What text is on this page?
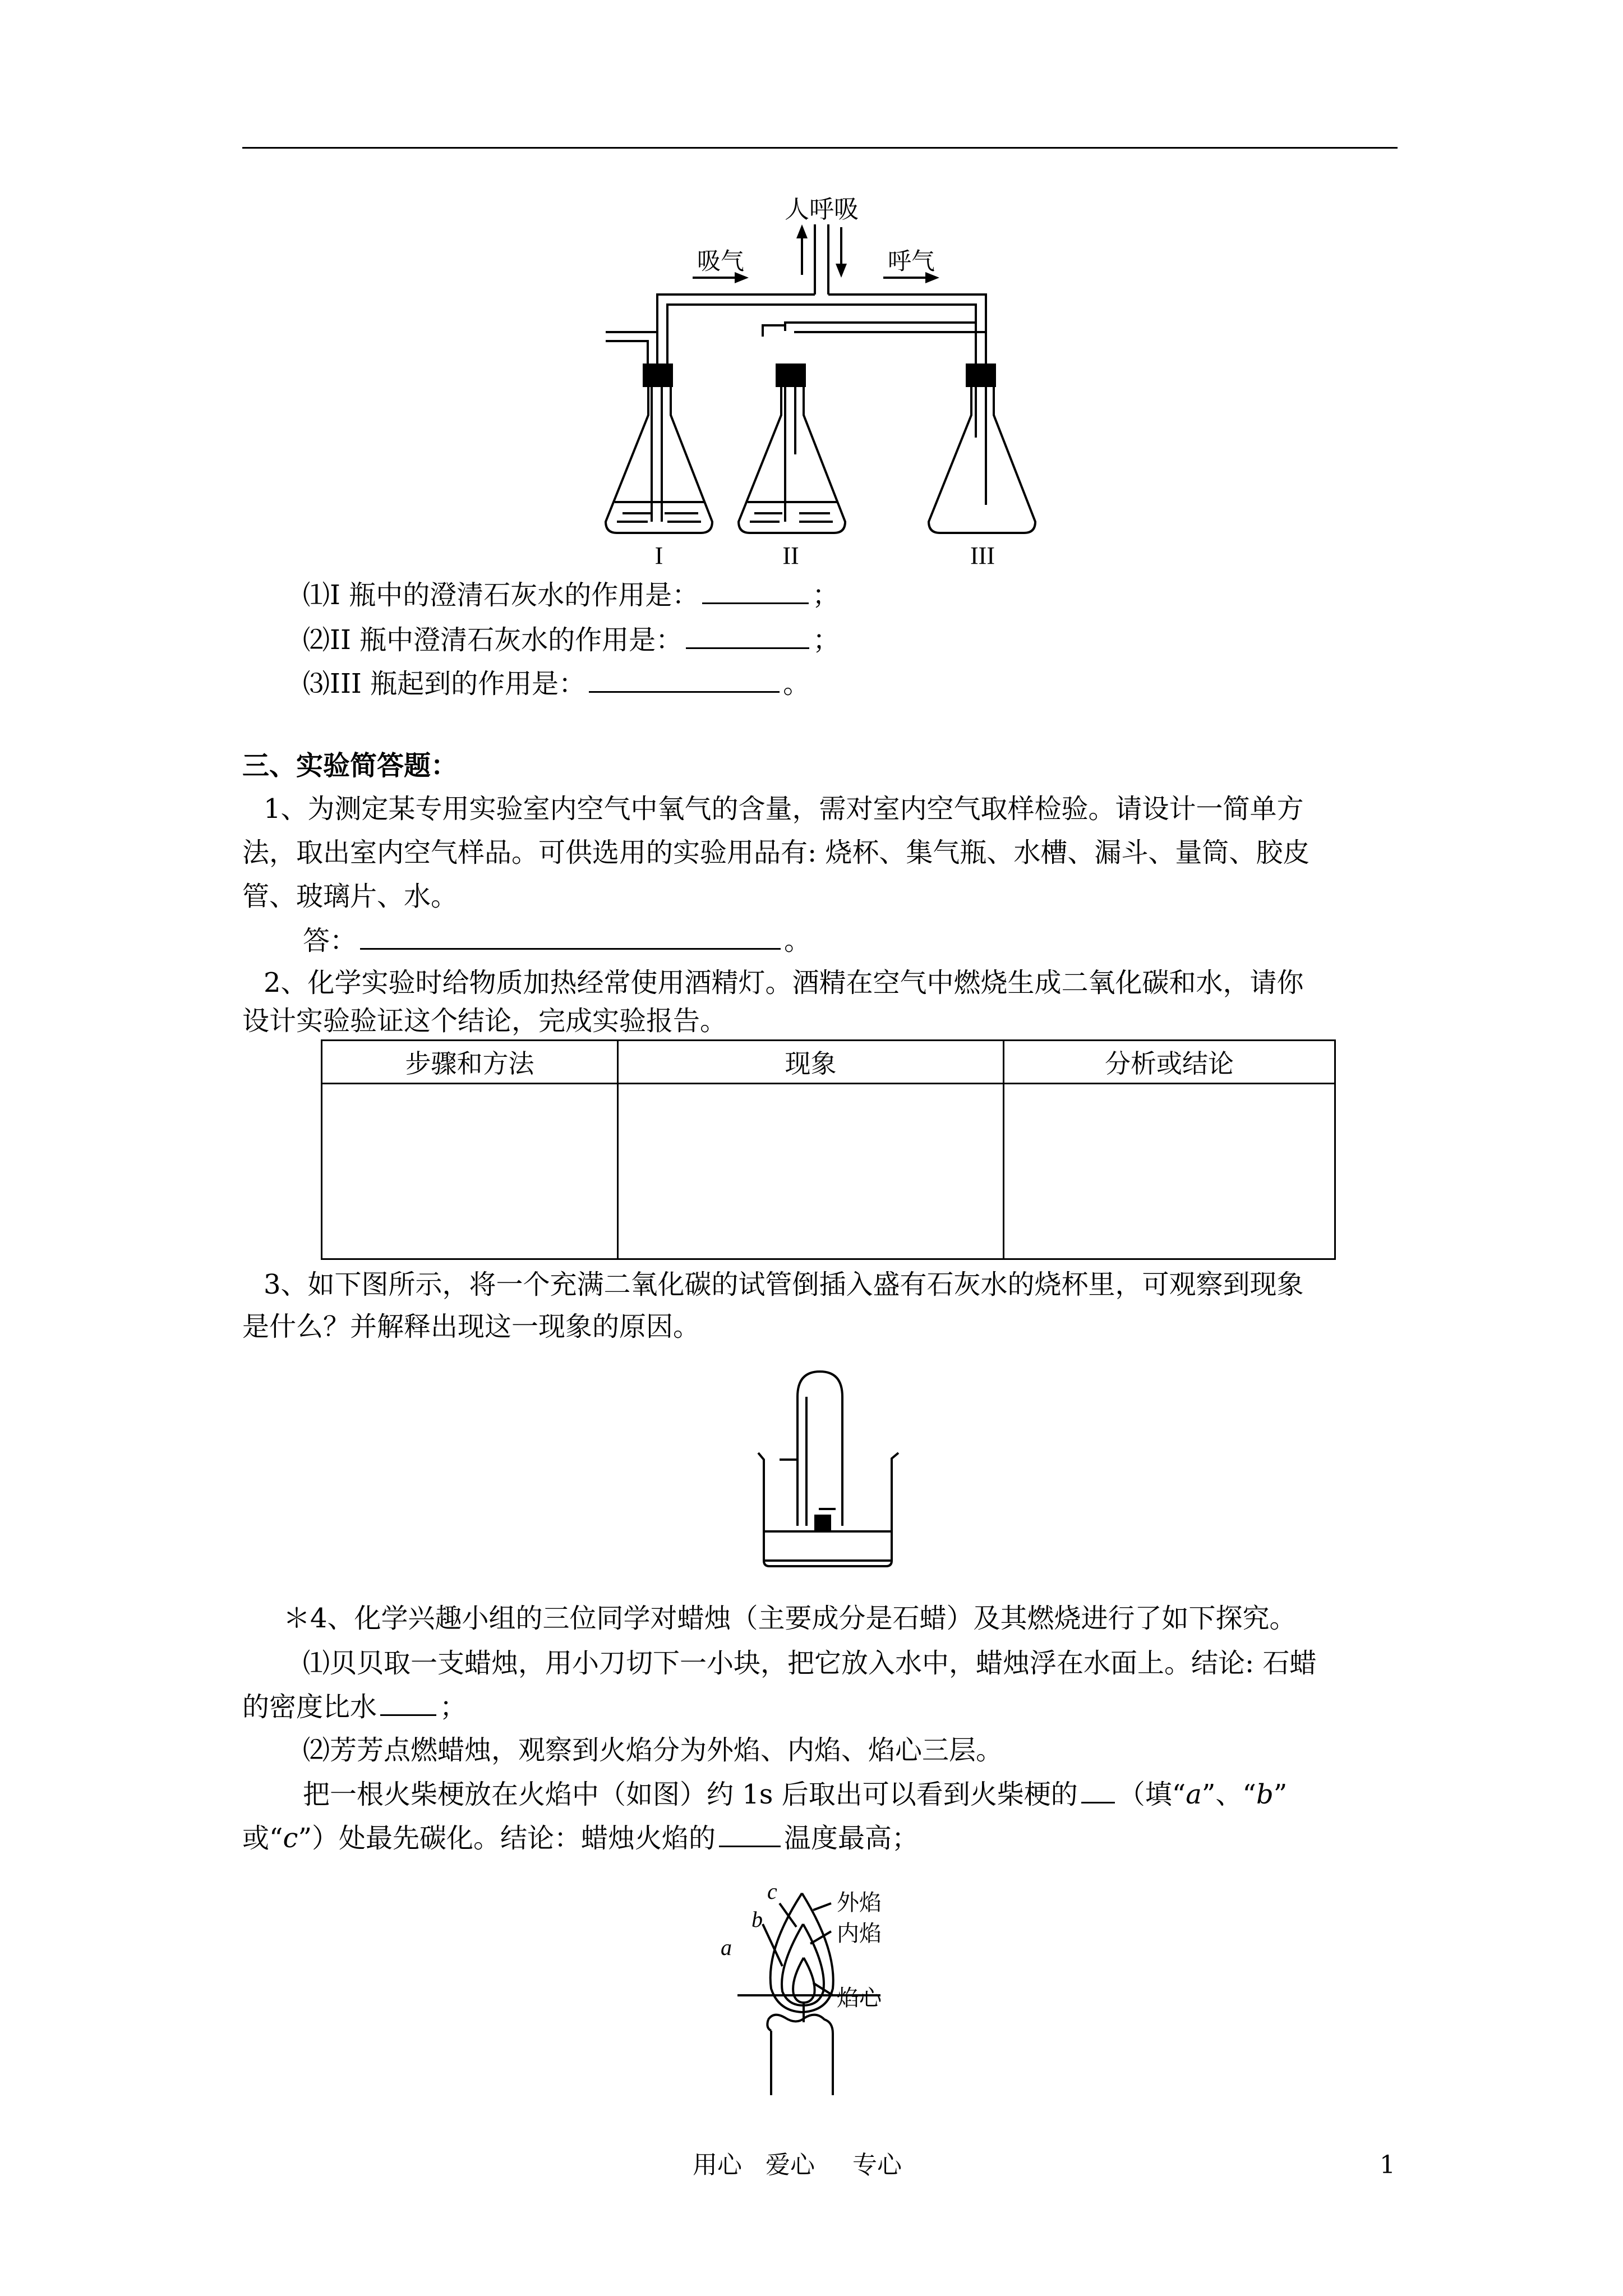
人呼吸
吸气	呼气
I	II	III
⑴I 瓶中的澄清石灰水的作用是：	；
⑵II 瓶中澄清石灰水的作用是：	；
⑶III 瓶起到的作用是：	。
三、实验简答题：
1、为测定某专用实验室内空气中氧气的含量，需对室内空气取样检验。请设计一简单方
法，取出室内空气样品。可供选用的实验用品有: 烧杯、集气瓶、水槽、漏斗、量筒、胶皮
管、玻璃片、水。
答：	。
2、化学实验时给物质加热经常使用酒精灯。酒精在空气中燃烧生成二氧化碳和水，请你
设计实验验证这个结论，完成实验报告。
步骤和方法	现象	分析或结论

3、如下图所示，将一个充满二氧化碳的试管倒插入盛有石灰水的烧杯里，可观察到现象
是什么？并解释出现这一现象的原因。
＊4、化学兴趣小组的三位同学对蜡烛（主要成分是石蜡）及其燃烧进行了如下探究。
⑴贝贝取一支蜡烛，用小刀切下一小块，把它放入水中，蜡烛浮在水面上。结论: 石蜡
的密度比水 ；
⑵芳芳点燃蜡烛，观察到火焰分为外焰、内焰、焰心三层。
把一根火柴梗放在火焰中（如图）约 1s 后取出可以看到火柴梗的 （填“a”、“b”
或“c”）处最先碳化。结论：蜡烛火焰的	温度最高；
外焰
内焰
焰心
c
b
a
用心 爱心 专心	1
